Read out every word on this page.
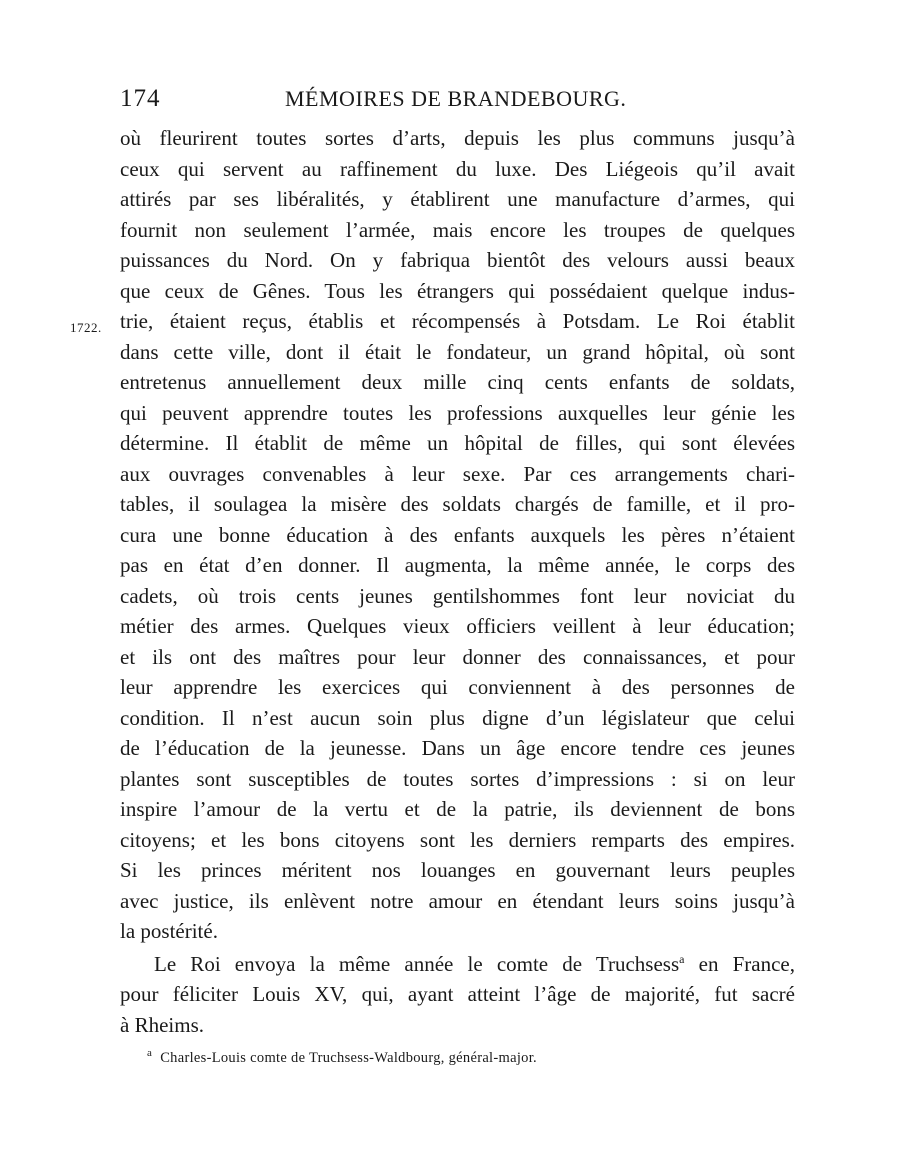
174	MÉMOIRES DE BRANDEBOURG.
1722.
où fleurirent toutes sortes d’arts, depuis les plus communs jusqu’à
ceux qui servent au raffinement du luxe. Des Liégeois qu’il avait
attirés par ses libéralités, y établirent une manufacture d’armes, qui
fournit non seulement l’armée, mais encore les troupes de quelques
puissances du Nord. On y fabriqua bientôt des velours aussi beaux
que ceux de Gênes. Tous les étrangers qui possédaient quelque indus-
trie, étaient reçus, établis et récompensés à Potsdam. Le Roi établit
dans cette ville, dont il était le fondateur, un grand hôpital, où sont
entretenus annuellement deux mille cinq cents enfants de soldats,
qui peuvent apprendre toutes les professions auxquelles leur génie les
détermine. Il établit de même un hôpital de filles, qui sont élevées
aux ouvrages convenables à leur sexe. Par ces arrangements chari-
tables, il soulagea la misère des soldats chargés de famille, et il pro-
cura une bonne éducation à des enfants auxquels les pères n’étaient
pas en état d’en donner. Il augmenta, la même année, le corps des
cadets, où trois cents jeunes gentilshommes font leur noviciat du
métier des armes. Quelques vieux officiers veillent à leur éducation;
et ils ont des maîtres pour leur donner des connaissances, et pour
leur apprendre les exercices qui conviennent à des personnes de
condition. Il n’est aucun soin plus digne d’un législateur que celui
de l’éducation de la jeunesse. Dans un âge encore tendre ces jeunes
plantes sont susceptibles de toutes sortes d’impressions : si on leur
inspire l’amour de la vertu et de la patrie, ils deviennent de bons
citoyens; et les bons citoyens sont les derniers remparts des empires.
Si les princes méritent nos louanges en gouvernant leurs peuples
avec justice, ils enlèvent notre amour en étendant leurs soins jusqu’à
la postérité.
Le Roi envoya la même année le comte de Truchsess$^a$ en France,
pour féliciter Louis XV, qui, ayant atteint l’âge de majorité, fut sacré
à Rheims.
$^a$ Charles-Louis comte de Truchsess-Waldbourg, général-major.
